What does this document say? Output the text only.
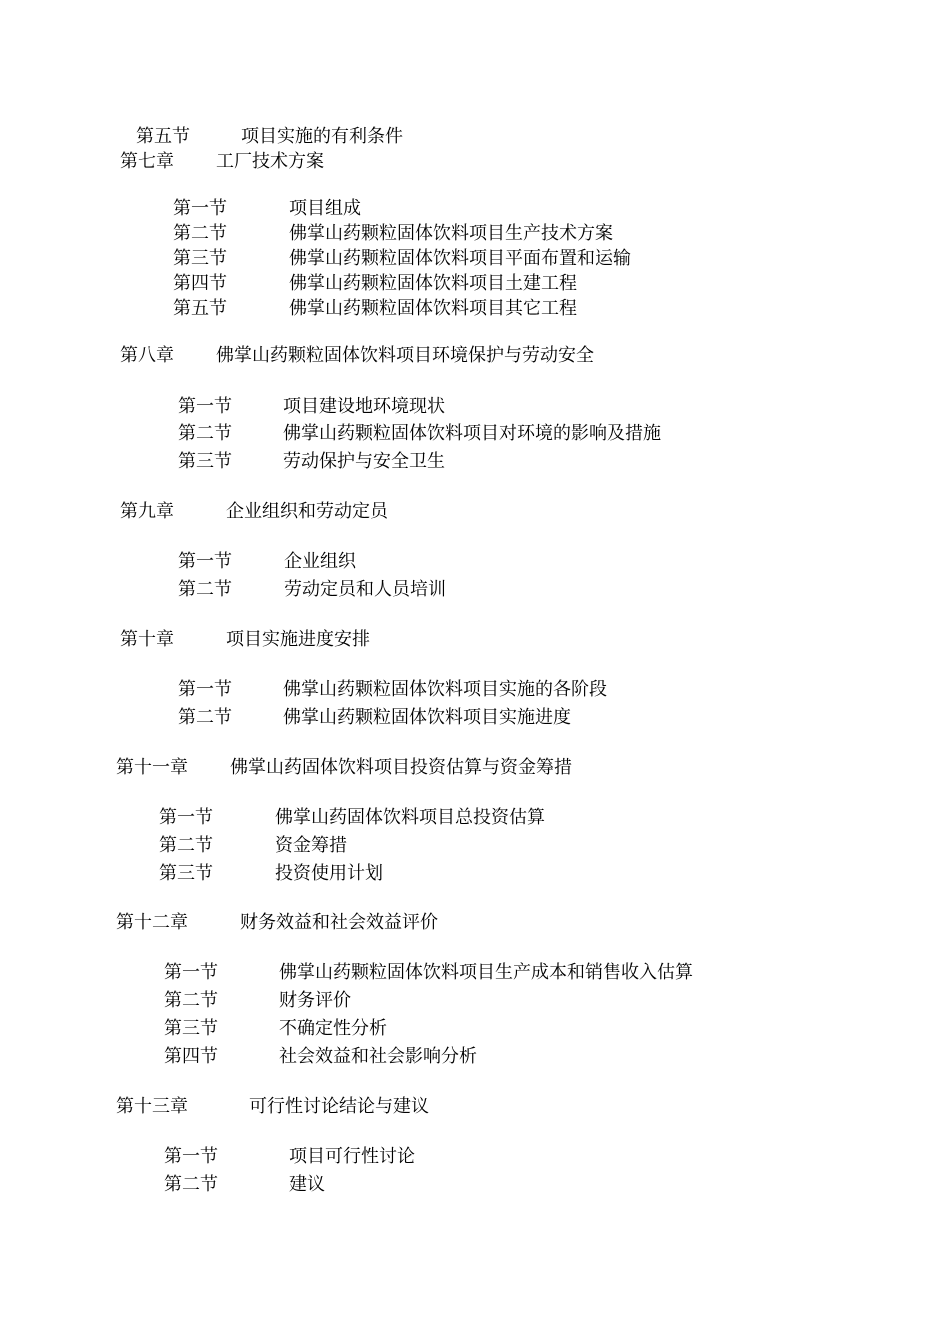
第五节	项目实施的有利条件
第七章 工厂技术方案
第一节	项目组成
第二节	佛掌山药颗粒固体饮料项目生产技术方案
第三节	佛掌山药颗粒固体饮料项目平面布置和运输
第四节	佛掌山药颗粒固体饮料项目土建工程
第五节	佛掌山药颗粒固体饮料项目其它工程
第八章 佛掌山药颗粒固体饮料项目环境保护与劳动安全
第一节	项目建设地环境现状
第二节	佛掌山药颗粒固体饮料项目对环境的影响及措施
第三节	劳动保护与安全卫生
第九章	企业组织和劳动定员
第一节	企业组织
第二节	劳动定员和人员培训
第十章	项目实施进度安排
第一节	佛掌山药颗粒固体饮料项目实施的各阶段
第二节	佛掌山药颗粒固体饮料项目实施进度
第十一章 佛掌山药固体饮料项目投资估算与资金筹措
第一节	佛掌山药固体饮料项目总投资估算
第二节	资金筹措
第三节	投资使用计划
第十二章	财务效益和社会效益评价
第一节	佛掌山药颗粒固体饮料项目生产成本和销售收入估算
第二节	财务评价
第三节	不确定性分析
第四节	社会效益和社会影响分析
第十三章	可行性讨论结论与建议
第一节	项目可行性讨论
第二节	建议
